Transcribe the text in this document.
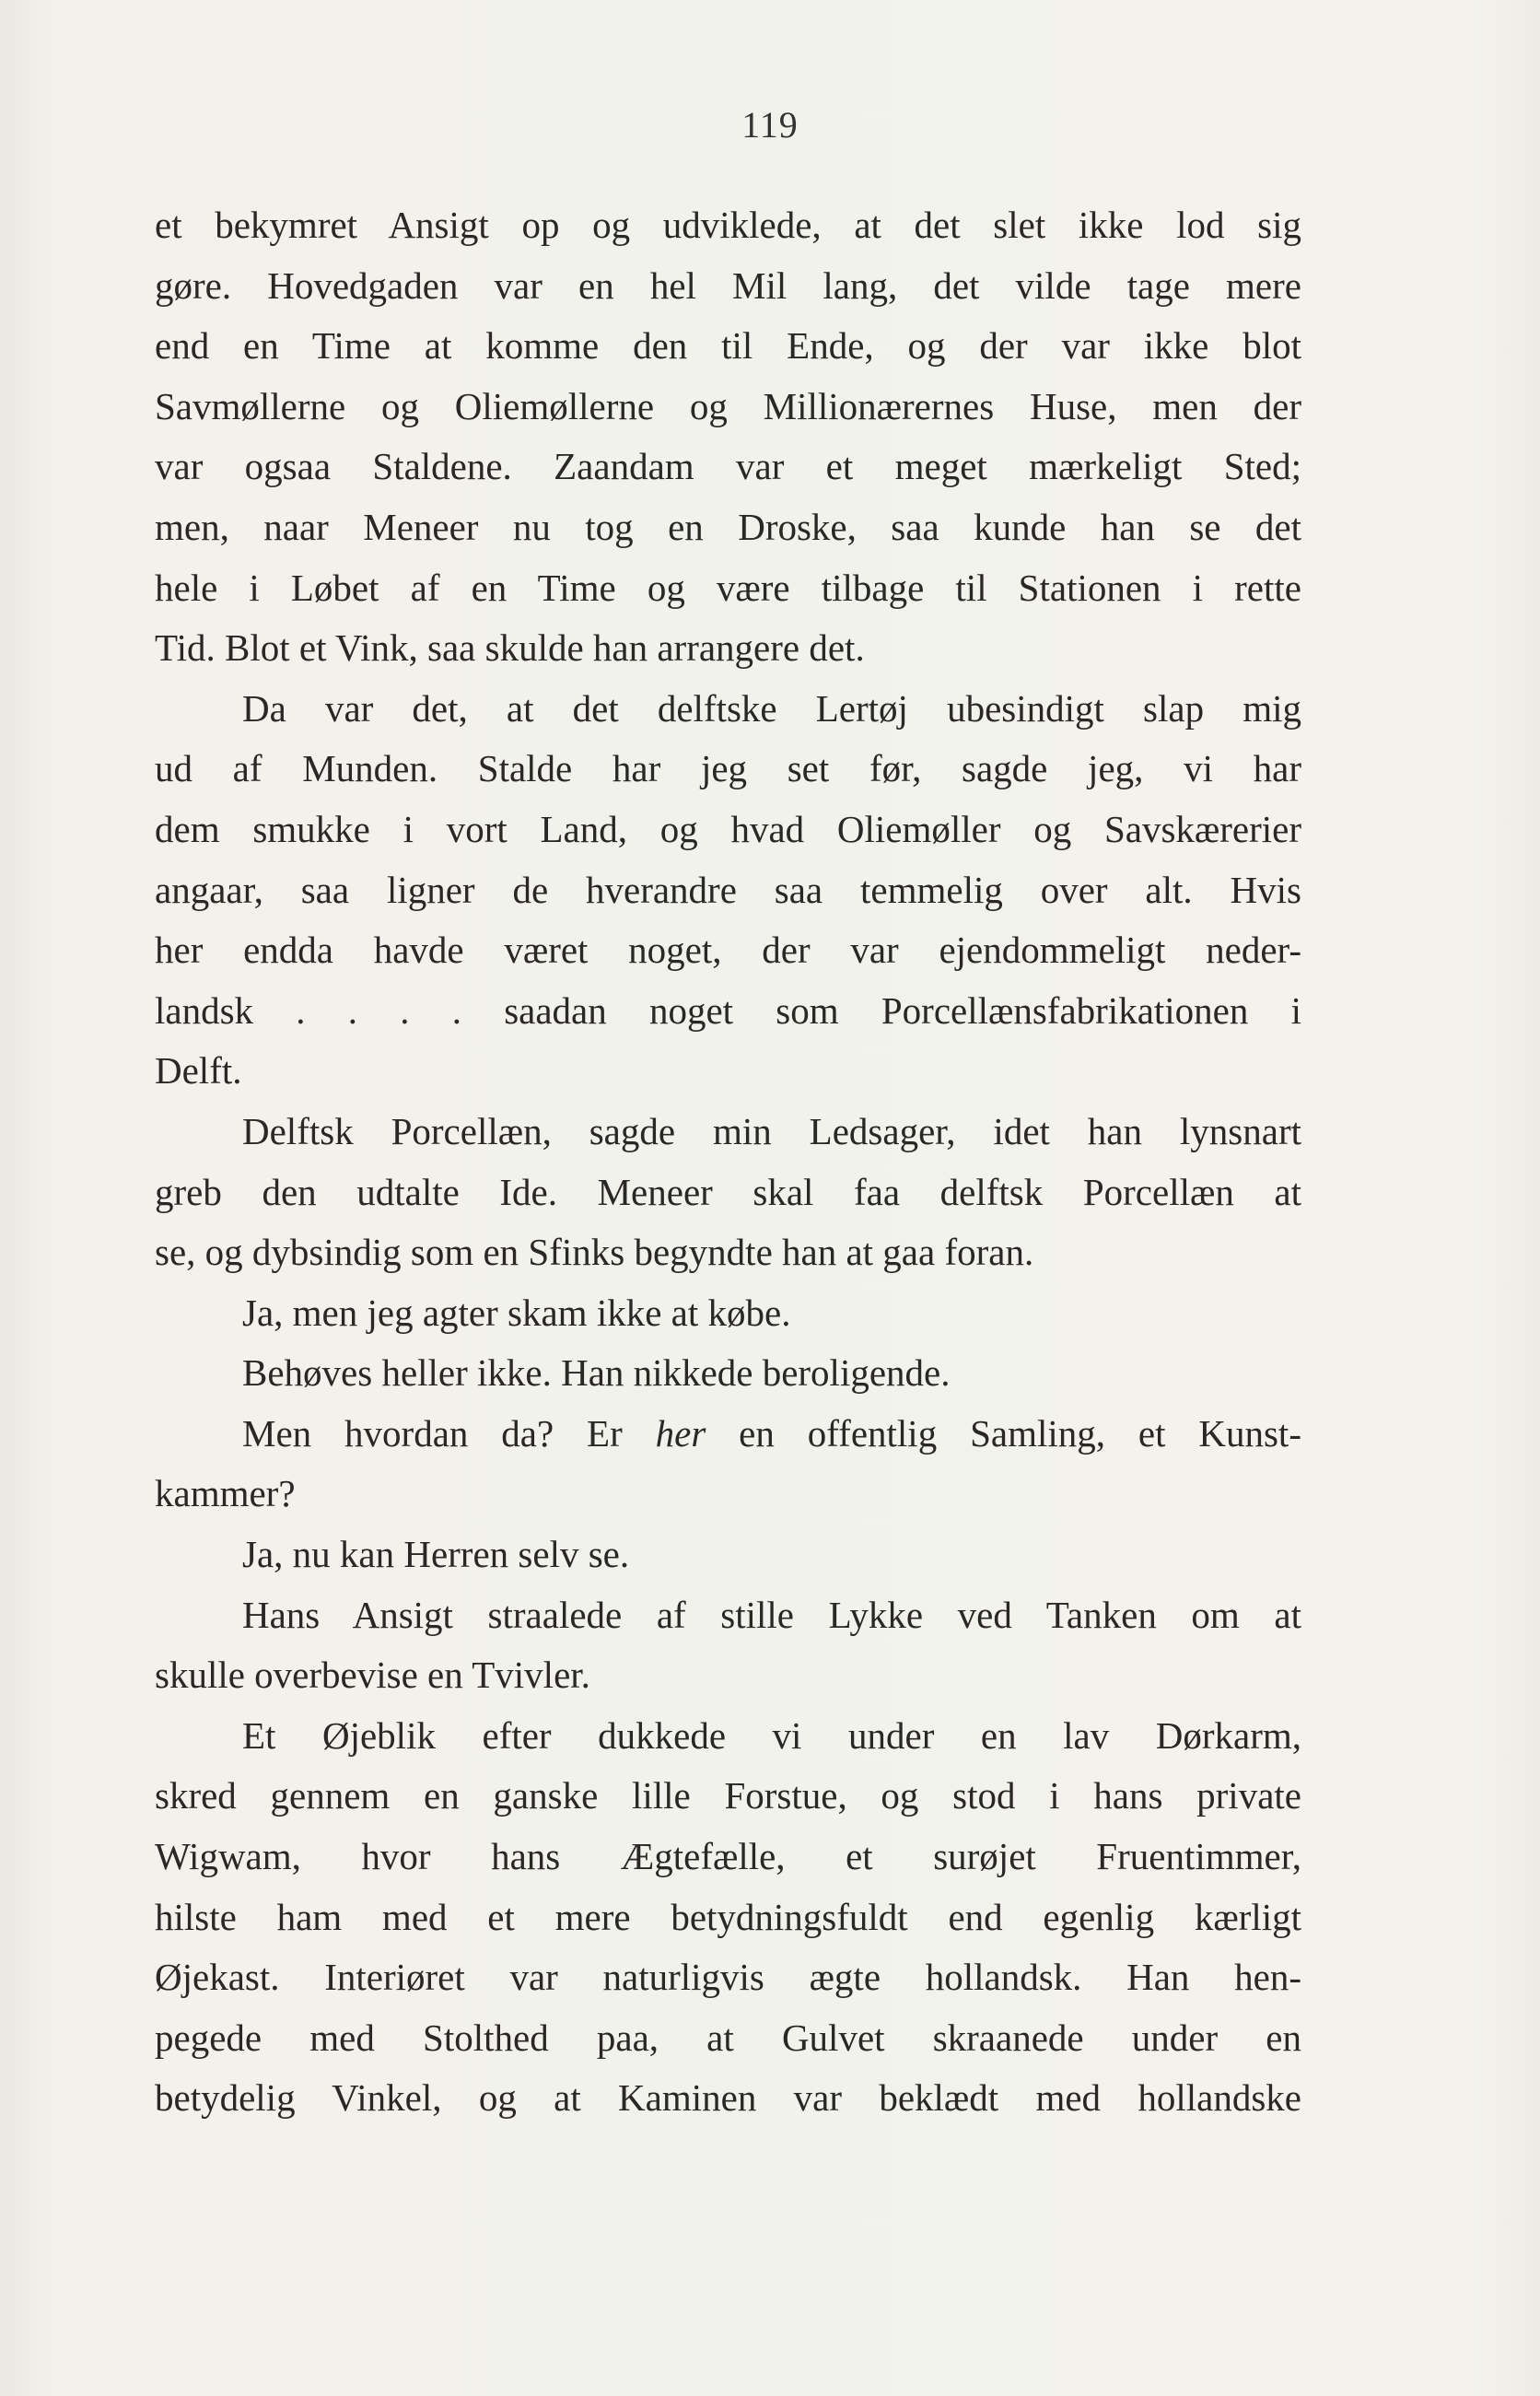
119
et bekymret Ansigt op og udviklede, at det slet ikke lod sig
gøre. Hovedgaden var en hel Mil lang, det vilde tage mere
end en Time at komme den til Ende, og der var ikke blot
Savmøllerne og Oliemøllerne og Millionærernes Huse, men der
var ogsaa Staldene. Zaandam var et meget mærkeligt Sted;
men, naar Meneer nu tog en Droske, saa kunde han se det
hele i Løbet af en Time og være tilbage til Stationen i rette
Tid. Blot et Vink, saa skulde han arrangere det.
Da var det, at det delftske Lertøj ubesindigt slap mig
ud af Munden. Stalde har jeg set før, sagde jeg, vi har
dem smukke i vort Land, og hvad Oliemøller og Savskærerier
angaar, saa ligner de hverandre saa temmelig over alt. Hvis
her endda havde været noget, der var ejendommeligt neder-
landsk . . . . saadan noget som Porcellænsfabrikationen i
Delft.
Delftsk Porcellæn, sagde min Ledsager, idet han lynsnart
greb den udtalte Ide. Meneer skal faa delftsk Porcellæn at
se, og dybsindig som en Sfinks begyndte han at gaa foran.
Ja, men jeg agter skam ikke at købe.
Behøves heller ikke. Han nikkede beroligende.
Men hvordan da? Er her en offentlig Samling, et Kunst-
kammer?
Ja, nu kan Herren selv se.
Hans Ansigt straalede af stille Lykke ved Tanken om at
skulle overbevise en Tvivler.
Et Øjeblik efter dukkede vi under en lav Dørkarm,
skred gennem en ganske lille Forstue, og stod i hans private
Wigwam, hvor hans Ægtefælle, et surøjet Fruentimmer,
hilste ham med et mere betydningsfuldt end egenlig kærligt
Øjekast. Interiøret var naturligvis ægte hollandsk. Han hen-
pegede med Stolthed paa, at Gulvet skraanede under en
betydelig Vinkel, og at Kaminen var beklædt med hollandske
